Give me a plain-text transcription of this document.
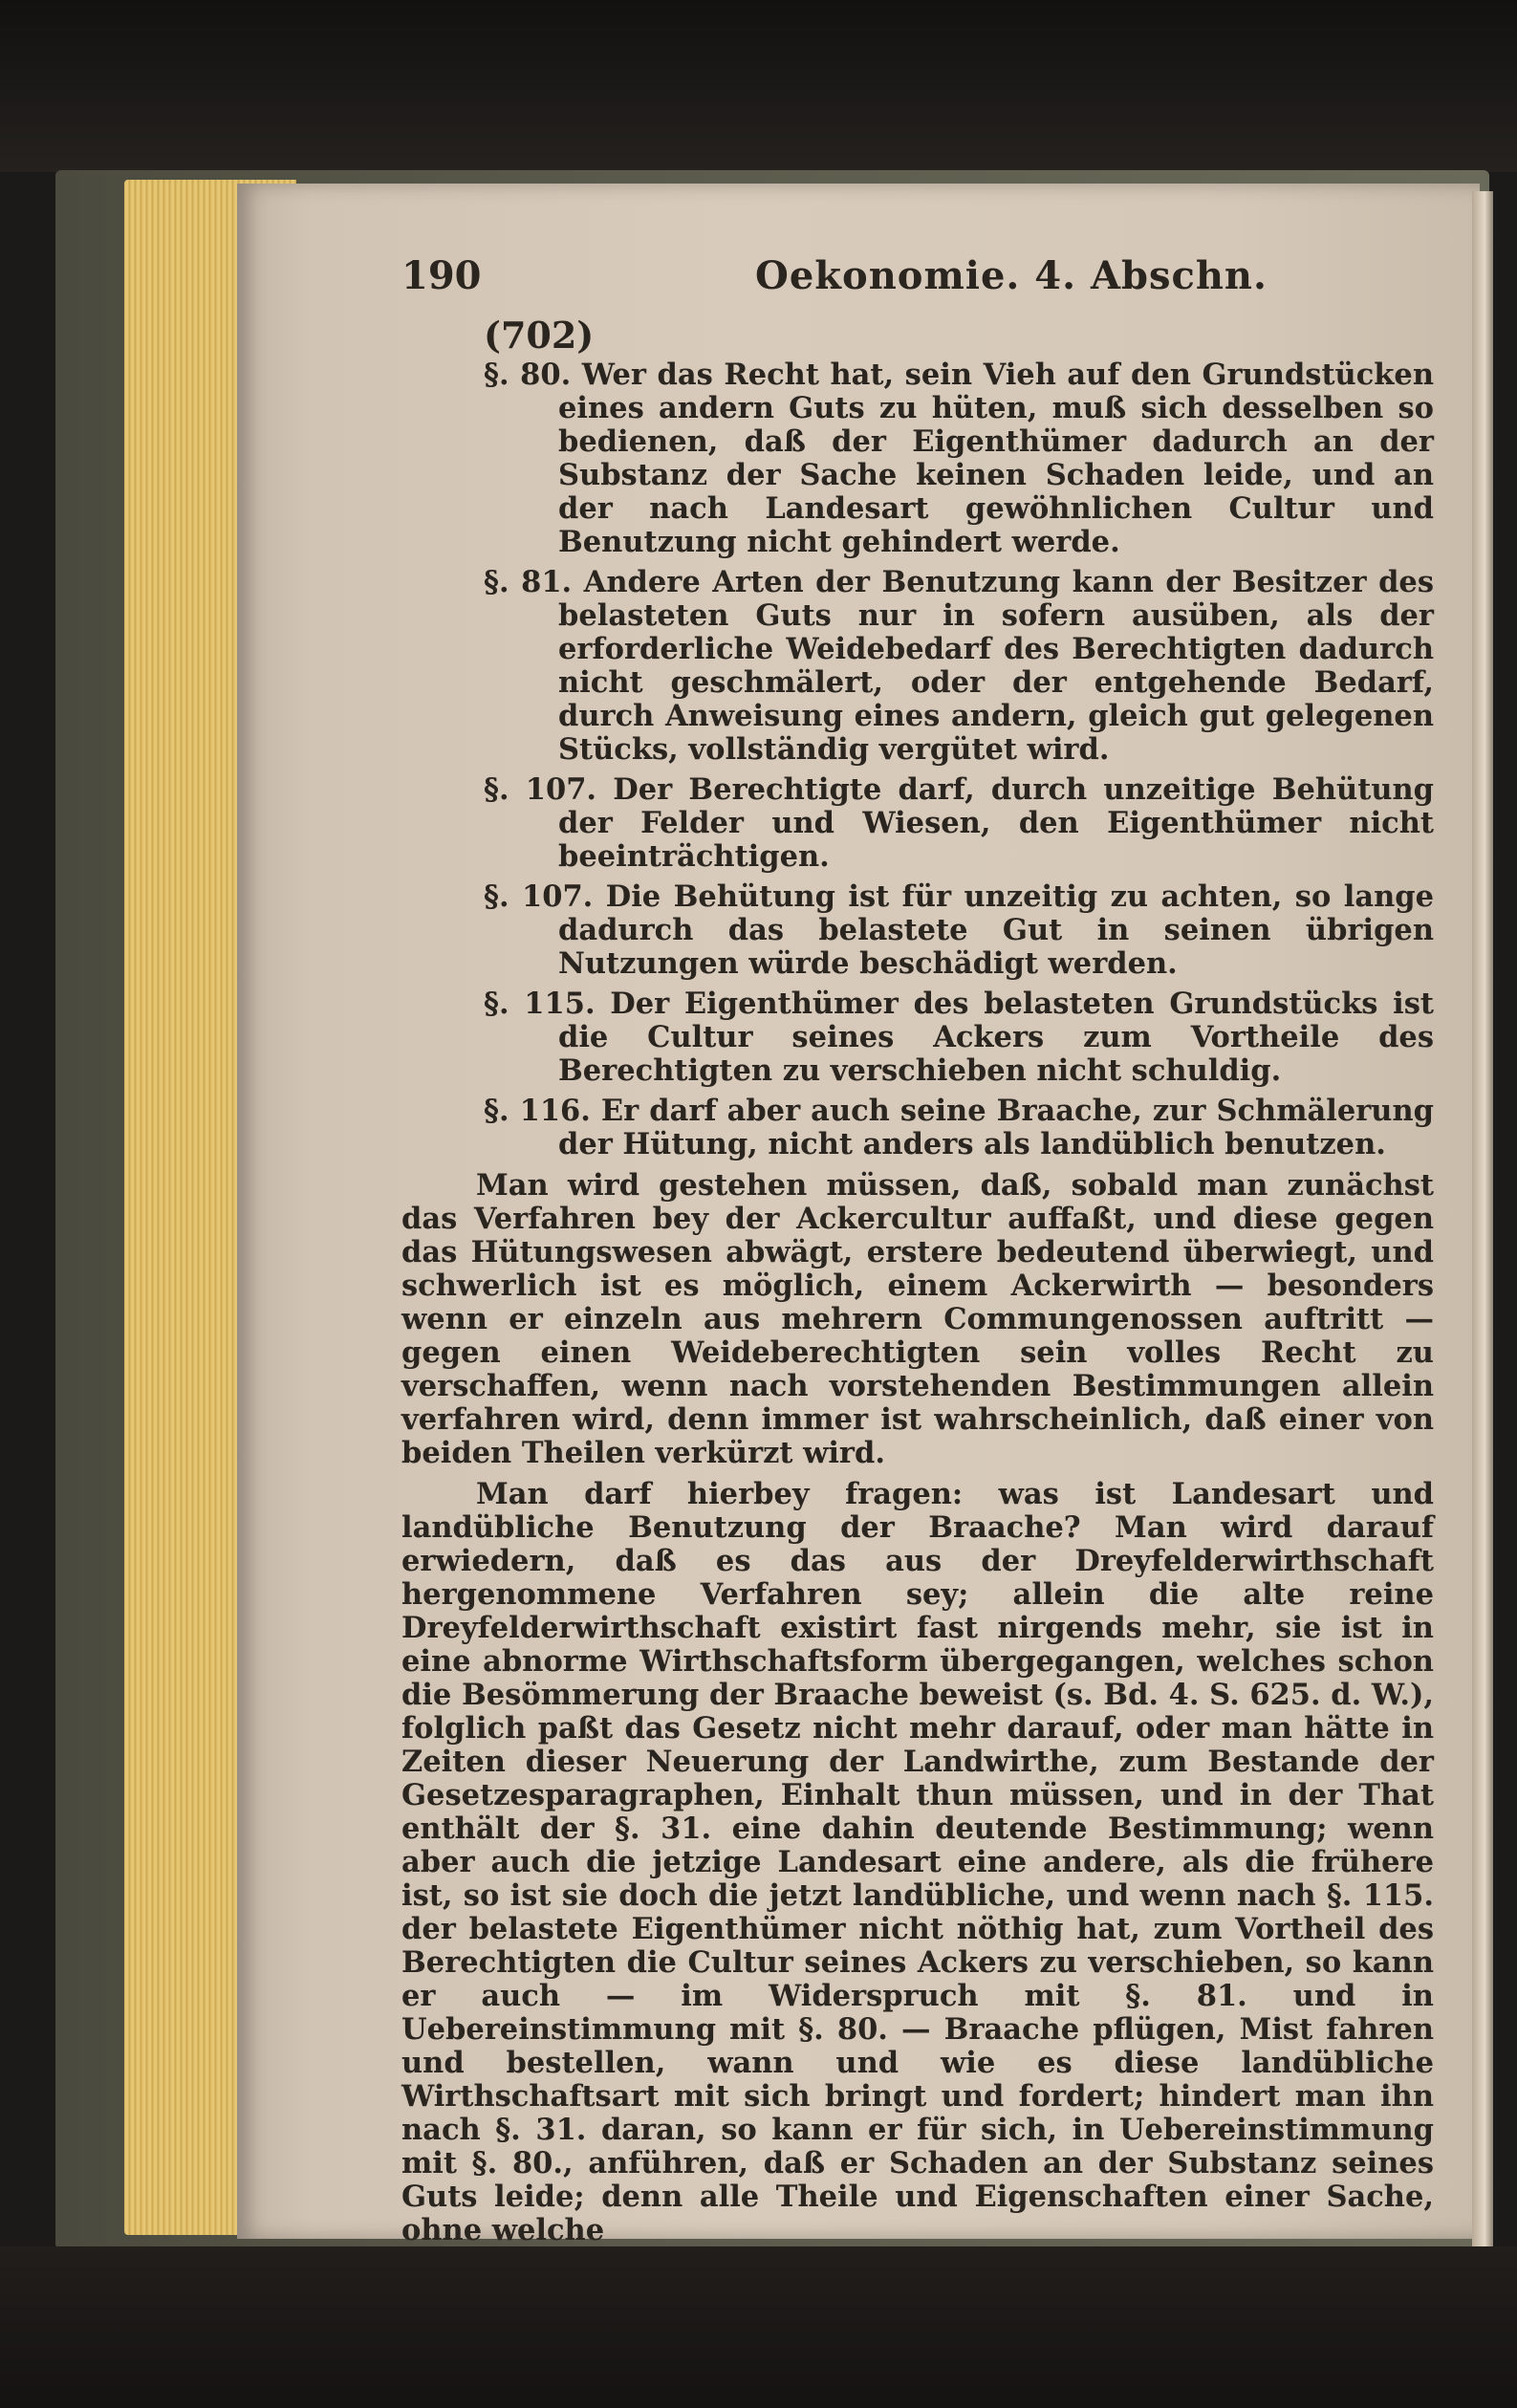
190	Oekonomie. 4. Abschn.
(702)

§. 80. Wer das Recht hat, sein Vieh auf den Grundstücken eines andern Guts zu hüten, muß sich desselben so bedienen, daß der Eigenthümer dadurch an der Substanz der Sache keinen Schaden leide, und an der nach Landesart gewöhnlichen Cultur und Benutzung nicht gehindert werde.

§. 81. Andere Arten der Benutzung kann der Besitzer des belasteten Guts nur in sofern ausüben, als der erforderliche Weidebedarf des Berechtigten dadurch nicht geschmälert, oder der entgehende Bedarf, durch Anweisung eines andern, gleich gut gelegenen Stücks, vollständig vergütet wird.

§. 107. Der Berechtigte darf, durch unzeitige Behütung der Felder und Wiesen, den Eigenthümer nicht beeinträchtigen.

§. 107. Die Behütung ist für unzeitig zu achten, so lange dadurch das belastete Gut in seinen übrigen Nutzungen würde beschädigt werden.

§. 115. Der Eigenthümer des belasteten Grundstücks ist die Cultur seines Ackers zum Vortheile des Berechtigten zu verschieben nicht schuldig.

§. 116. Er darf aber auch seine Braache, zur Schmälerung der Hütung, nicht anders als landüblich benutzen.

Man wird gestehen müssen, daß, sobald man zunächst das Verfahren bey der Ackercultur auffaßt, und diese gegen das Hütungswesen abwägt, erstere bedeutend überwiegt, und schwerlich ist es möglich, einem Ackerwirth — besonders wenn er einzeln aus mehrern Commungenossen auftritt — gegen einen Weideberechtigten sein volles Recht zu verschaffen, wenn nach vorstehenden Bestimmungen allein verfahren wird, denn immer ist wahrscheinlich, daß einer von beiden Theilen verkürzt wird.

Man darf hierbey fragen: was ist Landesart und landübliche Benutzung der Braache? Man wird darauf erwiedern, daß es das aus der Dreyfelderwirthschaft hergenommene Verfahren sey; allein die alte reine Dreyfelderwirthschaft existirt fast nirgends mehr, sie ist in eine abnorme Wirthschaftsform übergegangen, welches schon die Besömmerung der Braache beweist (s. Bd. 4. S. 625. d. W.), folglich paßt das Gesetz nicht mehr darauf, oder man hätte in Zeiten dieser Neuerung der Landwirthe, zum Bestande der Gesetzesparagraphen, Einhalt thun müssen, und in der That enthält der §. 31. eine dahin deutende Bestimmung; wenn aber auch die jetzige Landesart eine andere, als die frühere ist, so ist sie doch die jetzt landübliche, und wenn nach §. 115. der belastete Eigenthümer nicht nöthig hat, zum Vortheil des Berechtigten die Cultur seines Ackers zu verschieben, so kann er auch — im Widerspruch mit §. 81. und in Uebereinstimmung mit §. 80. — Braache pflügen, Mist fahren und bestellen, wann und wie es diese landübliche Wirthschaftsart mit sich bringt und fordert; hindert man ihn nach §. 31. daran, so kann er für sich, in Uebereinstimmung mit §. 80., anführen, daß er Schaden an der Substanz seines Guts leide; denn alle Theile und Eigenschaften einer Sache, ohne welche
